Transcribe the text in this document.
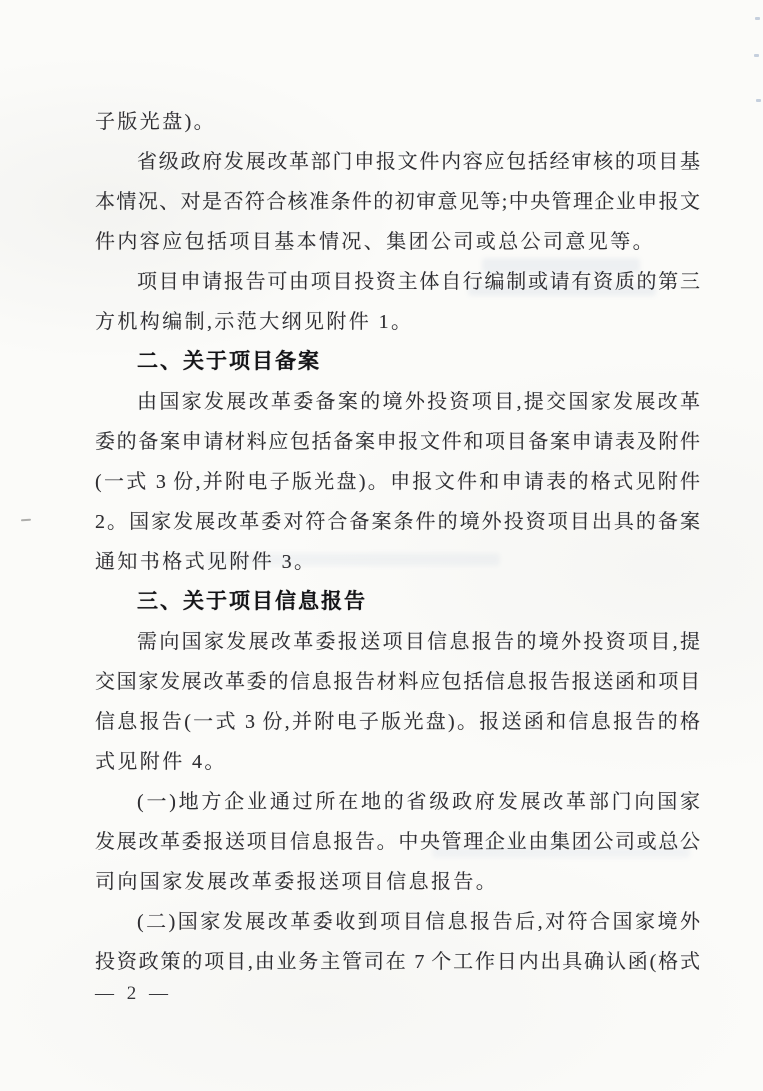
子版光盘)。
省级政府发展改革部门申报文件内容应包括经审核的项目基
本情况、对是否符合核准条件的初审意见等;中央管理企业申报文
件内容应包括项目基本情况、集团公司或总公司意见等。
项目申请报告可由项目投资主体自行编制或请有资质的第三
方机构编制,示范大纲见附件 1。
二、关于项目备案
由国家发展改革委备案的境外投资项目,提交国家发展改革
委的备案申请材料应包括备案申报文件和项目备案申请表及附件
(一式 3 份,并附电子版光盘)。申报文件和申请表的格式见附件
2。国家发展改革委对符合备案条件的境外投资项目出具的备案
通知书格式见附件 3。
三、关于项目信息报告
需向国家发展改革委报送项目信息报告的境外投资项目,提
交国家发展改革委的信息报告材料应包括信息报告报送函和项目
信息报告(一式 3 份,并附电子版光盘)。报送函和信息报告的格
式见附件 4。
(一)地方企业通过所在地的省级政府发展改革部门向国家
发展改革委报送项目信息报告。中央管理企业由集团公司或总公
司向国家发展改革委报送项目信息报告。
(二)国家发展改革委收到项目信息报告后,对符合国家境外
投资政策的项目,由业务主管司在 7 个工作日内出具确认函(格式
— 2 —
